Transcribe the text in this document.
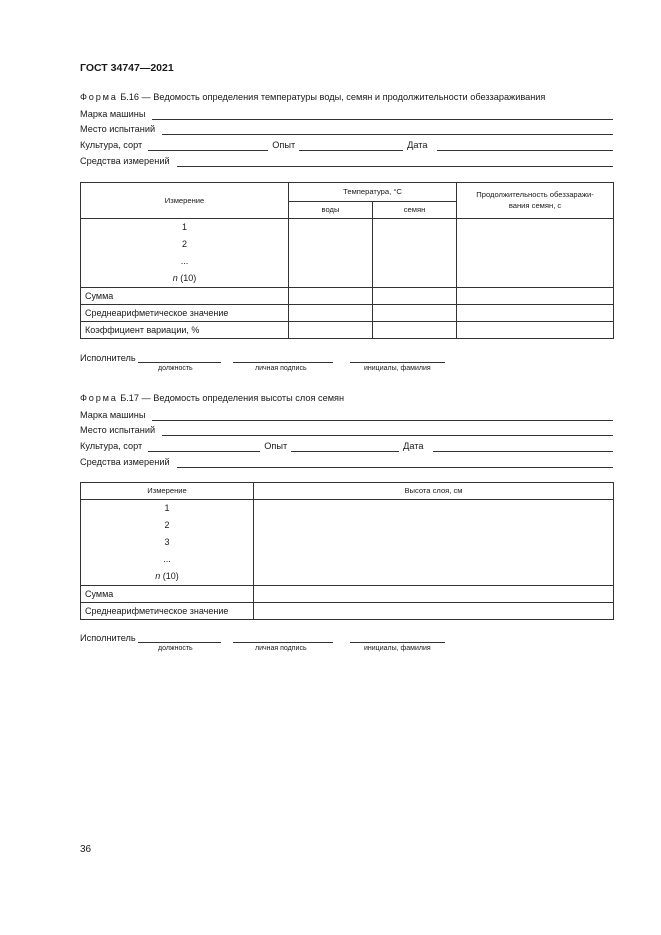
ГОСТ 34747—2021
Форма Б.16 — Ведомость определения температуры воды, семян и продолжительности обеззараживания
Марка машины
Место испытаний
Культура, сорт	Опыт	Дата
Средства измерений
Измерение	Температура, °С		Продолжительность обеззаражи-
вания семян, с

	воды	семян	

1
2
...
n (10)			

Сумма			
Среднеарифметическое значение			
Коэффициент вариации, %			
Исполнитель
должность	личная подпись	инициалы, фамилия
Форма Б.17 — Ведомость определения высоты слоя семян
Марка машины
Место испытаний
Культура, сорт	Опыт	Дата
Средства измерений
Измерение	Высота слоя, см

1
2
3
...
n (10)	

Сумма	
Среднеарифметическое значение	
Исполнитель
должность	личная подпись	инициалы, фамилия
36
